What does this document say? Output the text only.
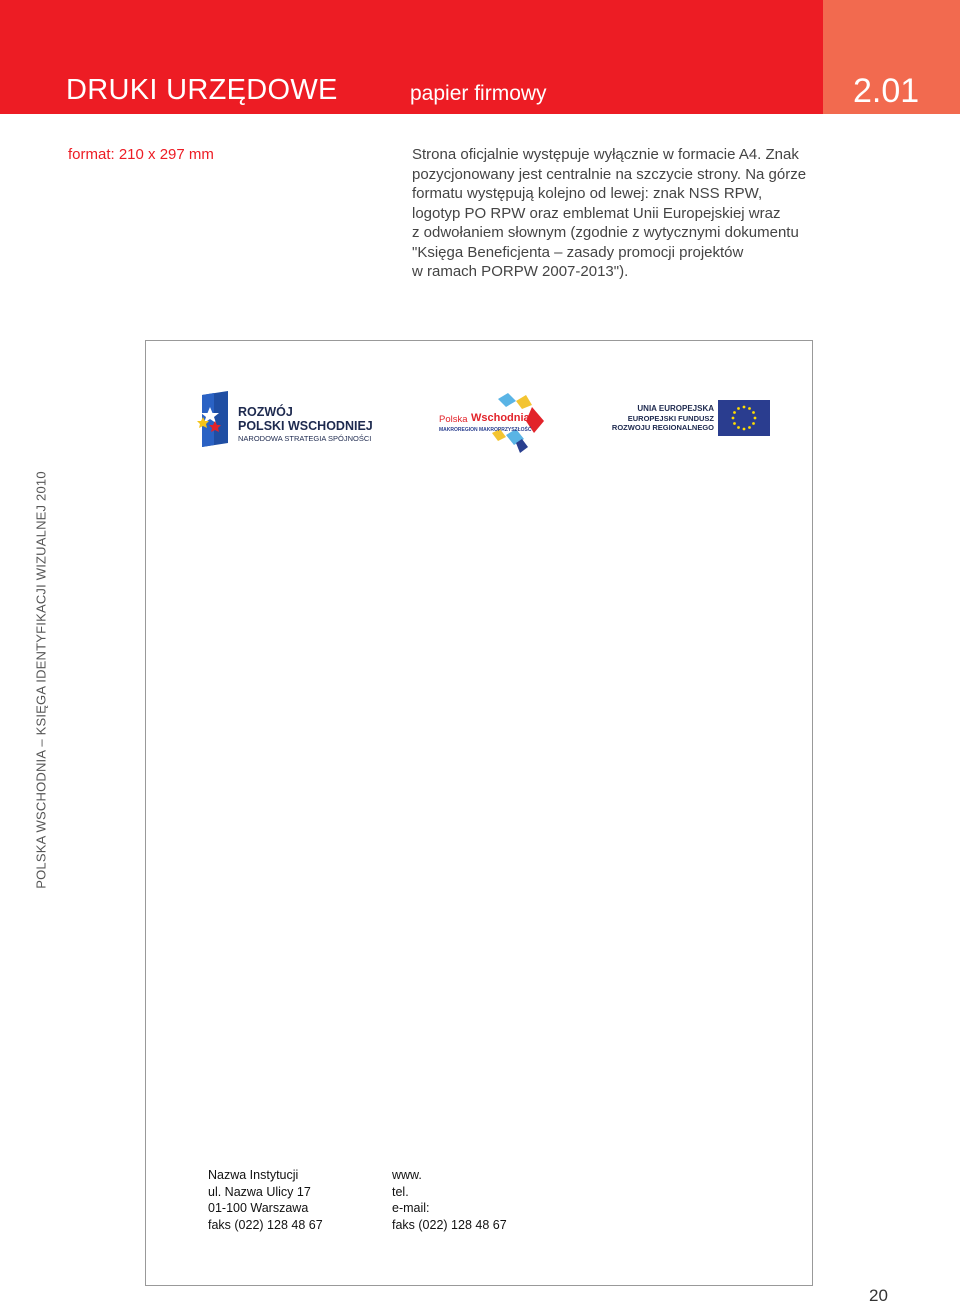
DRUKI URZĘDOWE	papier firmowy	2.01
format: 210 x 297 mm	Strona oficjalnie występuje wyłącznie w formacie A4. Znak
pozycjonowany jest centralnie na szczycie strony. Na górze
formatu występują kolejno od lewej: znak NSS RPW,
logotyp PO RPW oraz emblemat Unii Europejskiej wraz
z odwołaniem słownym (zgodnie z wytycznymi dokumentu
"Księga Beneficjenta – zasady promocji projektów
w ramach PORPW 2007-2013").
POLSKA WSCHODNIA – KSIĘGA IDENTYFIKACJI WIZUALNEJ 2010
ROZWÓJ
POLSKI WSCHODNIEJ
NARODOWA STRATEGIA SPÓJNOŚCI
Polska Wschodnia
MAKROREGION MAKROPRZYSZŁOŚĆ
UNIA EUROPEJSKA
EUROPEJSKI FUNDUSZ
ROZWOJU REGIONALNEGO
Nazwa Instytucji
ul. Nazwa Ulicy 17
01-100 Warszawa
faks (022) 128 48 67
www.
tel.
e-mail:
faks (022) 128 48 67
20
